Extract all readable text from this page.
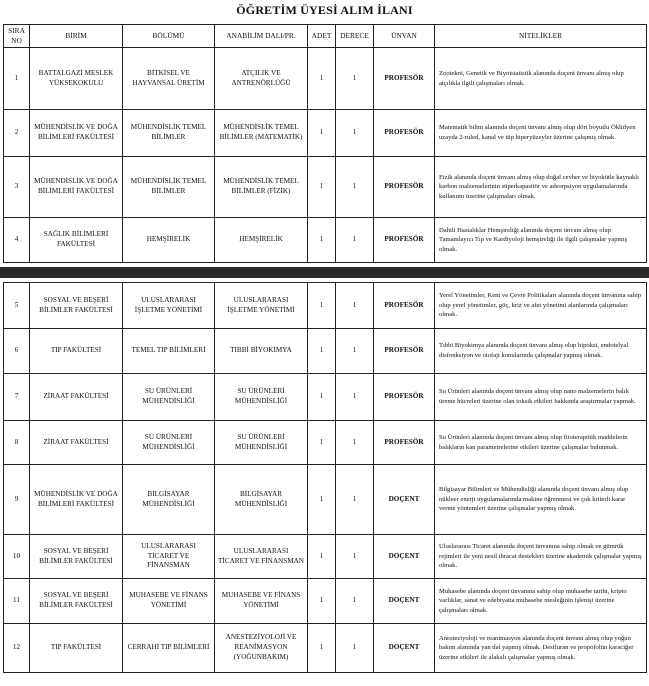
ÖĞRETİM ÜYESİ ALIM İLANI
SIRA NO	BİRİM	BÖLÜMÜ	ANABİLİM DALI/PR.	ADET	DERECE	ÜNVAN	NİTELİKLER
1	BATTALGAZİ MESLEK YÜKSEKOKULU	BİTKİSEL VE HAYVANSAL ÜRETİM	ATÇILIK VE ANTRENÖRLÜĞÜ	1	1	PROFESÖR	Zootekni, Genetik ve Biyoistatistik alanında doçent ünvanı almış olup atçılıkla ilgili çalışmaları olmak.
2	MÜHENDİSLİK VE DOĞA BİLİMLERİ FAKÜLTESİ	MÜHENDİSLİK TEMEL BİLİMLER	MÜHENDİSLİK TEMEL BİLİMLER (MATEMATİK)	1	1	PROFESÖR	Matematik bilim alanında doçent ünvanı almış olup dört boyutlu Öklidyen uzayda 2-ruled, kanal ve tüp hiperyüzeyler üzerine çalışmış olmak.
3	MÜHENDİSLİK VE DOĞA BİLİMLERİ FAKÜLTESİ	MÜHENDİSLİK TEMEL BİLİMLER	MÜHENDİSLİK TEMEL BİLİMLER (FİZİK)	1	1	PROFESÖR	Fizik alanında doçent ünvanı almış olup doğal cevher ve biyokütle kaynaklı karbon malzemelerinin süperkapasitör ve adsorpsiyon uygulamalarında kullanımı üzerine çalışmaları olmak.
4	SAĞLIK BİLİMLERİ FAKÜLTESİ	HEMŞİRELİK	HEMŞİRELİK	1	1	PROFESÖR	Dahili Hastalıklar Hemşireliği alanında doçent ünvanı almış olup Tamamlayıcı Tıp ve Kardiyoloji hemşireliği ile ilgili çalışmalar yapmış olmak.
5	SOSYAL VE BEŞERİ BİLİMLER FAKÜLTESİ	ULUSLARARASI İŞLETME YÖNETİMİ	ULUSLARARASI İŞLETME YÖNETİMİ	1	1	PROFESÖR	Yerel Yönetimler, Kent ve Çevre Politikaları alanında doçent ünvanına sahip olup yerel yönetimler, göç, kriz ve afet yönetimi alanlarında çalışmaları olmak.
6	TIP FAKÜLTESİ	TEMEL TIP BİLİMLERİ	TIBBİ BİYOKİMYA	1	1	PROFESÖR	Tıbbi Biyokimya alanında doçent ünvanı almış olup hipoksi, endotelyal disfonksiyon ve otofaji konularında çalışmalar yapmış olmak.
7	ZİRAAT FAKÜLTESİ	SU ÜRÜNLERİ MÜHENDİSLİĞİ	SU ÜRÜNLERİ MÜHENDİSLİĞİ	1	1	PROFESÖR	Su Ürünleri alanında doçent ünvanı almış olup nano malzemelerin balık üreme hücreleri üzerine olan toksik etkileri hakkında araştırmalar yapmak.
8	ZİRAAT FAKÜLTESİ	SU ÜRÜNLERİ MÜHENDİSLİĞİ	SU ÜRÜNLERİ MÜHENDİSLİĞİ	1	1	PROFESÖR	Su Ürünleri alanında doçent ünvanı almış olup fitoterapötik maddelerin balıkların kan parametrelerine etkileri üzerine çalışmalar bulunmak.
9	MÜHENDİSLİK VE DOĞA BİLİMLERİ FAKÜLTESİ	BİLGİSAYAR MÜHENDİSLİĞİ	BİLGİSAYAR MÜHENDİSLİĞİ	1	1	DOÇENT	Bilgisayar Bilimleri ve Mühendisliği alanında doçent ünvanı almış olup nükleer enerji uygulamalarında makine öğrenmesi ve çok kriterli karar verme yöntemleri üzerine çalışmalar yapmış olmak.
10	SOSYAL VE BEŞERİ BİLİMLER FAKÜLTESİ	ULUSLARARASI TİCARET VE FİNANSMAN	ULUSLARARASI TİCARET VE FİNANSMAN	1	1	DOÇENT	Uluslararası Ticaret alanında doçent ünvanına sahip olmak ve gümrük rejimleri ile yeni nesil ihracat destekleri üzerine akademik çalışmalar yapmış olmak.
11	SOSYAL VE BEŞERİ BİLİMLER FAKÜLTESİ	MUHASEBE VE FİNANS YÖNETİMİ	MUHASEBE VE FİNANS YÖNETİMİ	1	1	DOÇENT	Muhasebe alanında doçent ünvanına sahip olup muhasebe tarihi, kripto varlıklar, sanat ve edebiyatta muhasebe mesleğinin işlenişi üzerine çalışmaları olmak.
12	TIP FAKÜLTESİ	CERRAHİ TIP BİLİMLERİ	ANESTEZİYOLOJİ VE REANİMASYON (YOĞUNBAKIM)	1	1	DOÇENT	Anesteziyoloji ve reanimasyon alanında doçent ünvanı almış olup yoğun bakım alanında yan dal yapmış olmak. Desfluran ve propofolün karaciğer üzerine etkileri ile alakalı çalışmalar yapmış olmak.
